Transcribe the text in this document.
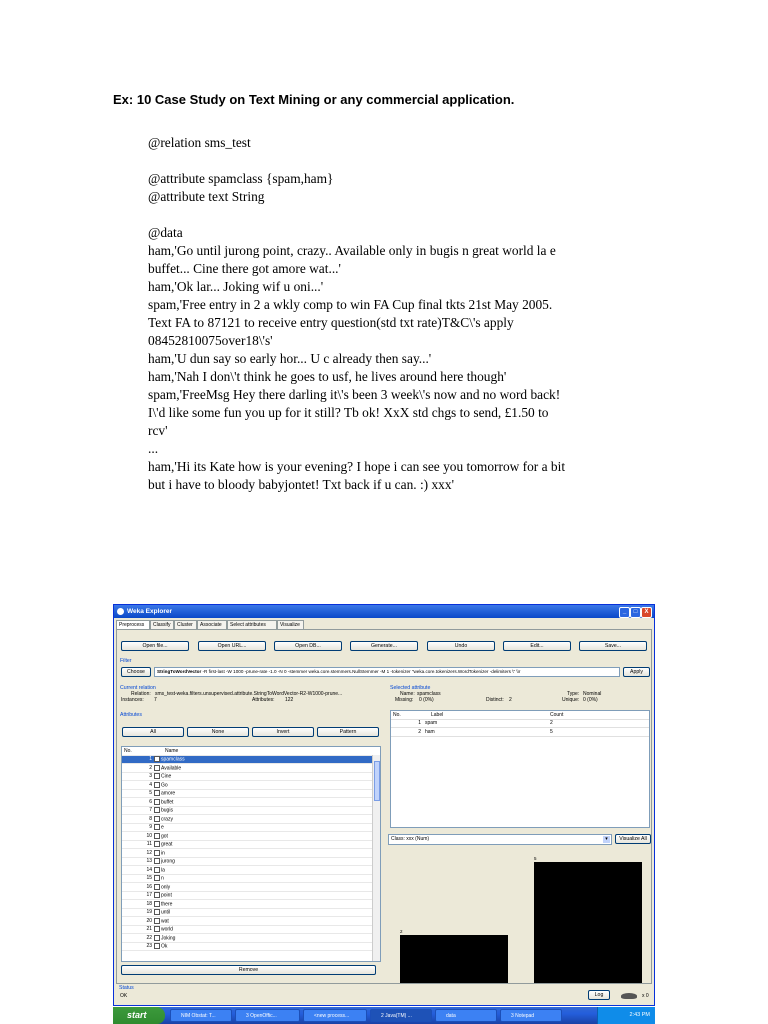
Ex: 10 Case Study on Text Mining or any commercial application.
@relation sms_test
@attribute spamclass {spam,ham}
@attribute text String
@data
ham,'Go until jurong point, crazy.. Available only in bugis n great world la e
buffet... Cine there got amore wat...'
ham,'Ok lar... Joking wif u oni...'
spam,'Free entry in 2 a wkly comp to win FA Cup final tkts 21st May 2005.
Text FA to 87121 to receive entry question(std txt rate)T&C\'s apply
08452810075over18\'s'
ham,'U dun say so early hor... U c already then say...'
ham,'Nah I don\'t think he goes to usf, he lives around here though'
spam,'FreeMsg Hey there darling it\'s been 3 week\'s now and no word back!
I\'d like some fun you up for it still? Tb ok! XxX std chgs to send, £1.50 to
rcv'
...
ham,'Hi its Kate how is your evening? I hope i can see you tomorrow for a bit
but i have to bloody babyjontet! Txt back if u can. :) xxx'
Weka Explorer	_	□	X
Preprocess	Classify	Cluster	Associate	Select attributes	Visualize
Open file...	Open URL...	Open DB...	Generate...	Undo	Edit...	Save...
Filter
Choose	StringToWordVector -R first-last -W 1000 -prune-rate -1.0 -N 0 -stemmer weka.core.stemmers.NullStemmer -M 1 -tokenizer "weka.core.tokenizers.WordTokenizer -delimiters \" \\r	Apply
Current relation
Relation: sms_test-weka.filters.unsupervised.attribute.StringToWordVector-R2-W1000-prune...
Instances: 7	Attributes: 122
Attributes
All	None	Invert	Pattern
No.	Name
1	spamclass
2	Available
3	Cine
4	Go
5	amore
6	buffet
7	bugis
8	crazy
9	e
10	got
11	great
12	in
13	jurong
14	la
15	n
16	only
17	point
18	there
19	until
20	wat
21	world
22	Joking
23	Ok
Remove
Selected attribute
Name: spamclass	Type: Nominal
Missing: 0 (0%)	Distinct: 2	Unique: 0 (0%)
No.	Label	Count
1	spam	2
2	ham	5
Class: xxx (Num)	▾	Visualize All
2
5
Status
OK	Log	x 0
start	NIM Obstat: T...	3 OpenOffic...	<new process...	2 Java(TM) ...	data	3 Notepad	2:43 PM
